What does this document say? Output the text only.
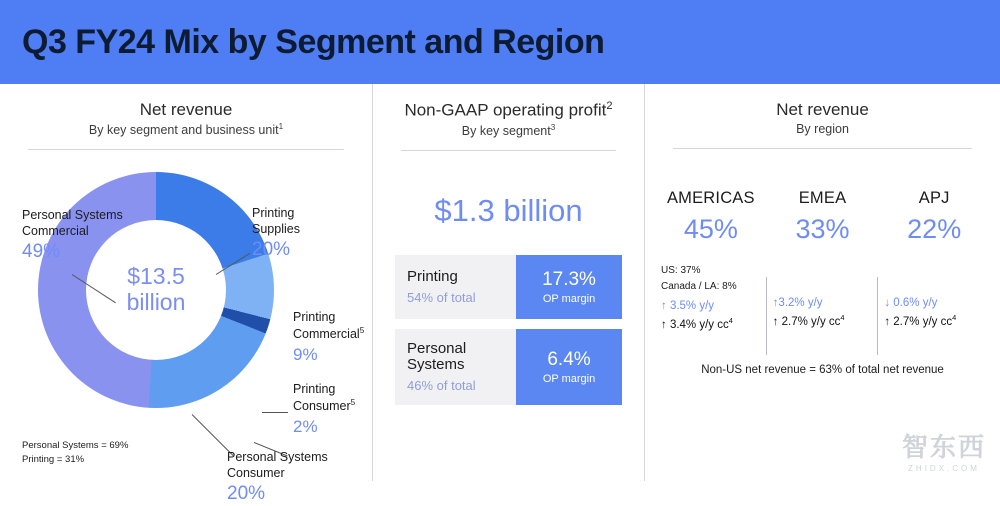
Q3 FY24 Mix by Segment and Region
Net revenue
By key segment and business unit$^1$
$13.5
billion
Personal Systems
Commercial
49%
Printing
Supplies
20%
Printing
Commercial$^5$
9%
Printing
Consumer$^5$
2%
Personal Systems
Consumer
20%
Personal Systems = 69%
Printing = 31%
Non-GAAP operating profit$^2$
By key segment$^3$
$1.3 billion
Printing
54% of total
17.3%
OP margin
Personal
Systems
46% of total
6.4%
OP margin
Net revenue
By region
AMERICAS
45%
US: 37%
Canada / LA: 8%
↑ 3.5% y/y
↑ 3.4% y/y $cc^4$
EMEA
33%
↑3.2% y/y
↑ 2.7% y/y $cc^4$
APJ
22%
↓ 0.6% y/y
↑ 2.7% y/y $cc^4$
Non-US net revenue = 63% of total net revenue
智东西
ZHIDX.COM
